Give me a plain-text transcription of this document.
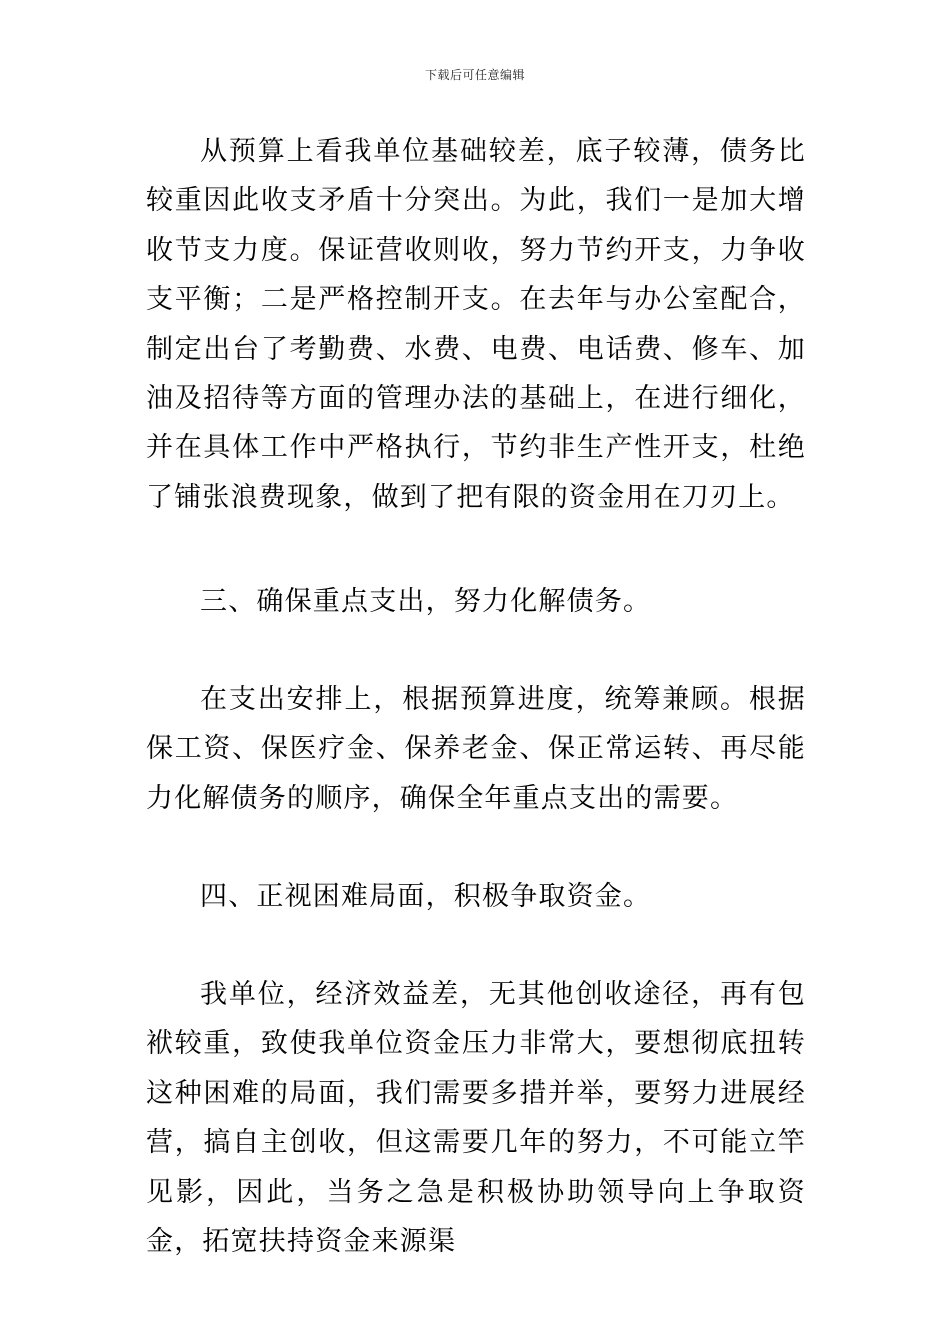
下载后可任意编辑

从预算上看我单位基础较差，底子较薄，债务比较重因此收支矛盾十分突出。为此，我们一是加大增收节支力度。保证营收则收，努力节约开支，力争收支平衡；二是严格控制开支。在去年与办公室配合，制定出台了考勤费、水费、电费、电话费、修车、加油及招待等方面的管理办法的基础上，在进行细化，并在具体工作中严格执行，节约非生产性开支，杜绝了铺张浪费现象，做到了把有限的资金用在刀刃上。

三、确保重点支出，努力化解债务。

在支出安排上，根据预算进度，统筹兼顾。根据保工资、保医疗金、保养老金、保正常运转、再尽能力化解债务的顺序，确保全年重点支出的需要。

四、正视困难局面，积极争取资金。

我单位，经济效益差，无其他创收途径，再有包袱较重，致使我单位资金压力非常大，要想彻底扭转这种困难的局面，我们需要多措并举，要努力进展经营，搞自主创收，但这需要几年的努力，不可能立竿见影，因此，当务之急是积极协助领导向上争取资金，拓宽扶持资金来源渠
